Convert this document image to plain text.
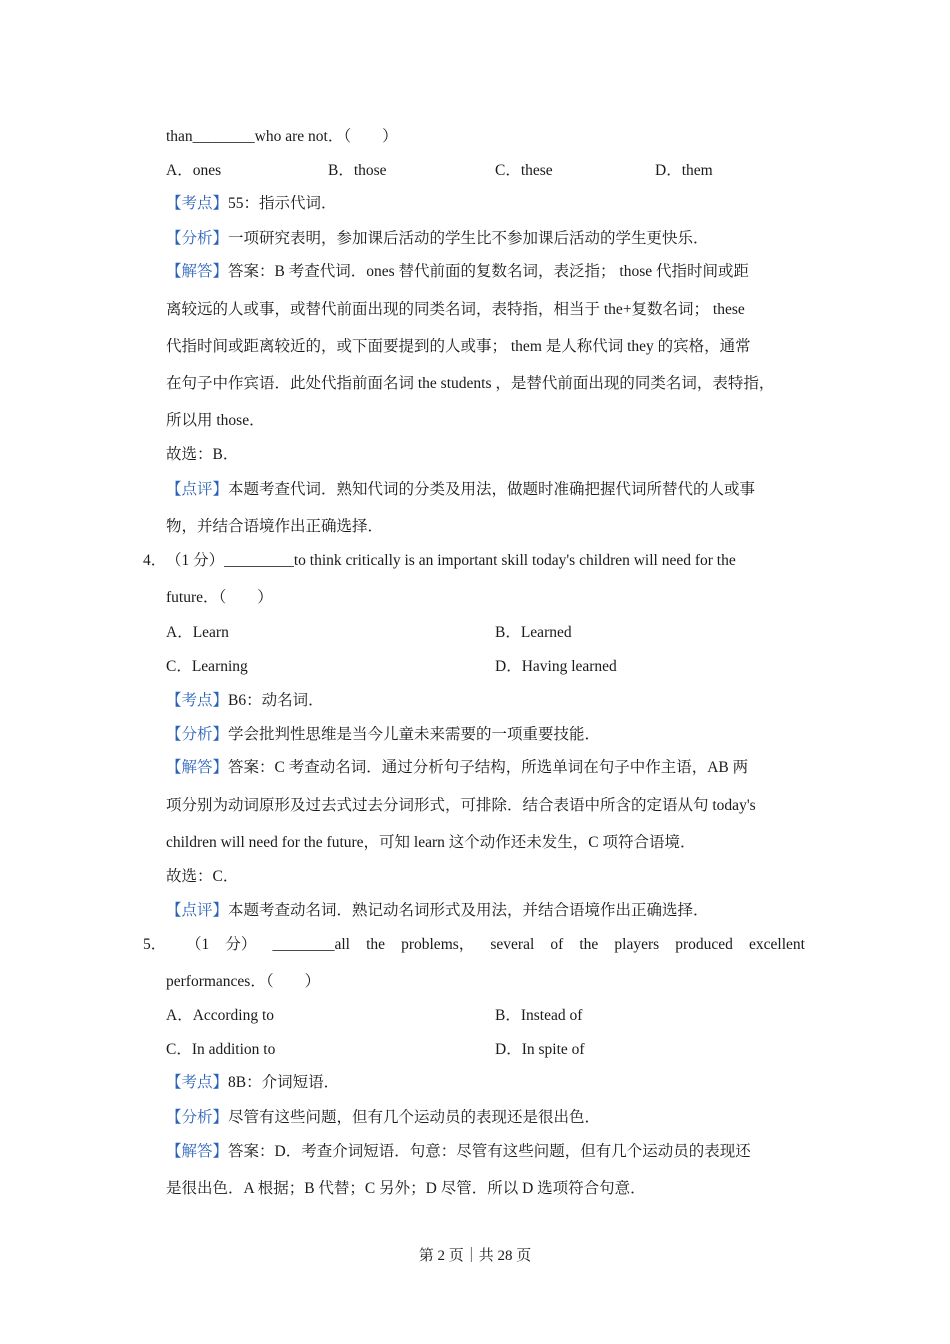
than________who are not．（　　）
A．ones	B．those	C．these	D．them
【考点】55：指示代词．
【分析】一项研究表明，参加课后活动的学生比不参加课后活动的学生更快乐．
【解答】答案：B 考查代词．ones 替代前面的复数名词，表泛指； those 代指时间或距
离较远的人或事，或替代前面出现的同类名词，表特指，相当于 the+复数名词； these
代指时间或距离较近的，或下面要提到的人或事； them 是人称代词 they 的宾格，通常
在句子中作宾语．此处代指前面名词 the students ，是替代前面出现的同类名词，表特指，
所以用 those．
故选：B．
【点评】本题考查代词．熟知代词的分类及用法，做题时准确把握代词所替代的人或事
物，并结合语境作出正确选择．
4． （1 分）_________to think critically is an important skill today's children will need for the
future．（　　）
A．Learn	B．Learned
C．Learning	D．Having learned
【考点】B6：动名词．
【分析】学会批判性思维是当今儿童未来需要的一项重要技能．
【解答】答案：C 考查动名词．通过分析句子结构，所选单词在句子中作主语，AB 两
项分别为动词原形及过去式过去分词形式，可排除．结合表语中所含的定语从句 today's
children will need for the future，可知 learn 这个动作还未发生，C 项符合语境．
故选：C．
【点评】本题考查动名词．熟记动名词形式及用法，并结合语境作出正确选择．
5． （1 分） ________all the problems， several of the players produced excellent
performances．（　　）
A．According to	B．Instead of
C．In addition to	D．In spite of
【考点】8B：介词短语．
【分析】尽管有这些问题，但有几个运动员的表现还是很出色．
【解答】答案：D．考查介词短语．句意：尽管有这些问题，但有几个运动员的表现还
是很出色．A 根据；B 代替；C 另外；D 尽管．所以 D 选项符合句意．
第 2 页｜共 28 页
